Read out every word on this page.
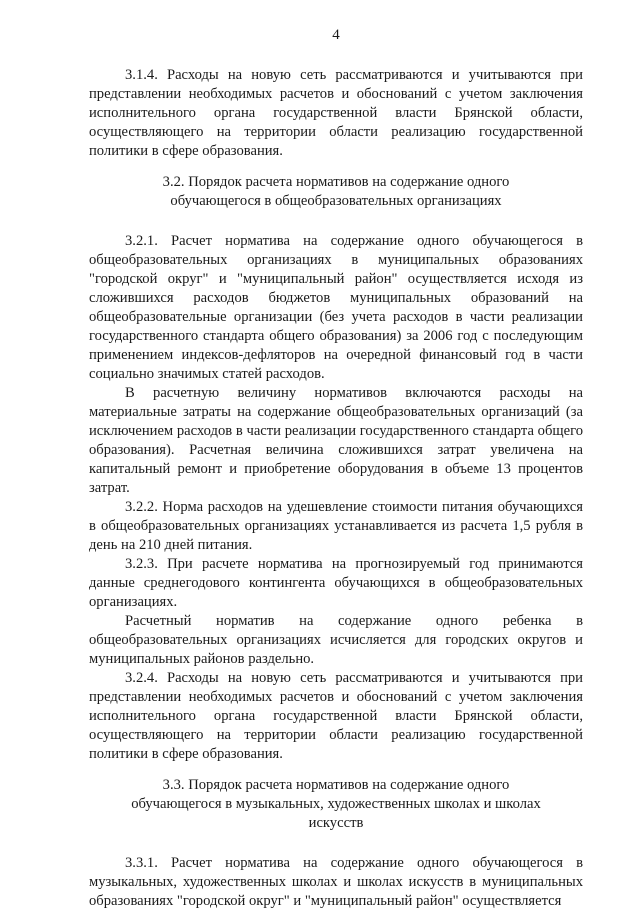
4

3.1.4. Расходы на новую сеть рассматриваются и учитываются при представлении необходимых расчетов и обоснований с учетом заключения исполнительного органа государственной власти Брянской области, осуществляющего на территории области реализацию государственной политики в сфере образования.

3.2. Порядок расчета нормативов на содержание одного обучающегося в общеобразовательных организациях

3.2.1. Расчет норматива на содержание одного обучающегося в общеобразовательных организациях в муниципальных образованиях "городской округ" и "муниципальный район" осуществляется исходя из сложившихся расходов бюджетов муниципальных образований на общеобразовательные организации (без учета расходов в части реализации государственного стандарта общего образования) за 2006 год с последующим применением индексов-дефляторов на очередной финансовый год в части социально значимых статей расходов.

В расчетную величину нормативов включаются расходы на материальные затраты на содержание общеобразовательных организаций (за исключением расходов в части реализации государственного стандарта общего образования). Расчетная величина сложившихся затрат увеличена на капитальный ремонт и приобретение оборудования в объеме 13 процентов затрат.

3.2.2. Норма расходов на удешевление стоимости питания обучающихся в общеобразовательных организациях устанавливается из расчета 1,5 рубля в день на 210 дней питания.

3.2.3. При расчете норматива на прогнозируемый год принимаются данные среднегодового контингента обучающихся в общеобразовательных организациях.

Расчетный норматив на содержание одного ребенка в общеобразовательных организациях исчисляется для городских округов и муниципальных районов раздельно.

3.2.4. Расходы на новую сеть рассматриваются и учитываются при представлении необходимых расчетов и обоснований с учетом заключения исполнительного органа государственной власти Брянской области, осуществляющего на территории области реализацию государственной политики в сфере образования.

3.3. Порядок расчета нормативов на содержание одного обучающегося в музыкальных, художественных школах и школах искусств

3.3.1. Расчет норматива на содержание одного обучающегося в музыкальных, художественных школах и школах искусств в муниципальных образованиях "городской округ" и "муниципальный район" осуществляется
